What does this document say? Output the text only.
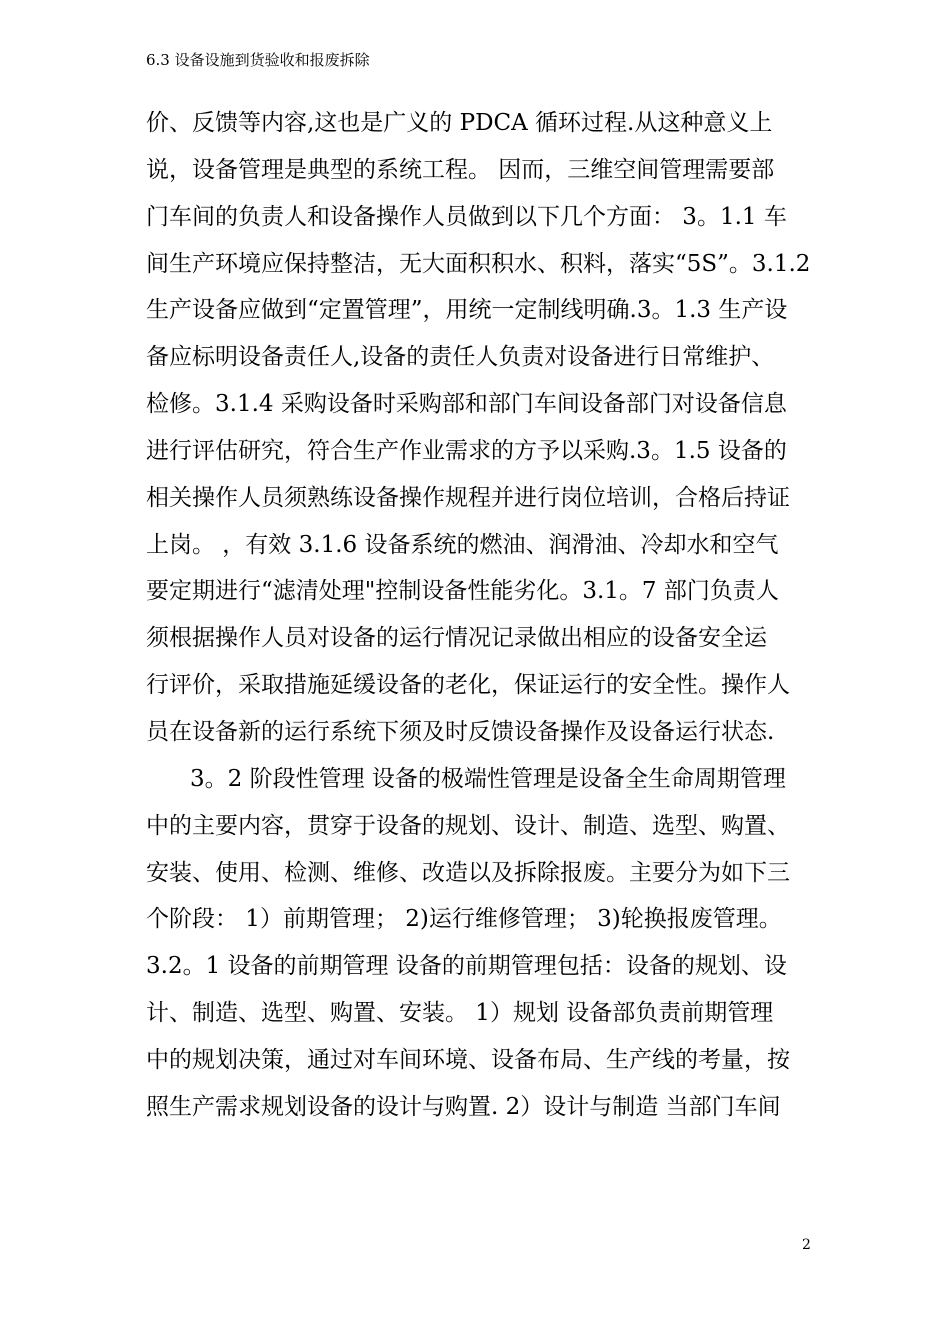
6.3 设备设施到货验收和报废拆除
价、反馈等内容,这也是广义的 PDCA 循环过程.从这种意义上
说，设备管理是典型的系统工程。 因而，三维空间管理需要部
门车间的负责人和设备操作人员做到以下几个方面： 3。1.1 车
间生产环境应保持整洁，无大面积积水、积料，落实“5S”。3.1.2
生产设备应做到“定置管理”，用统一定制线明确.3。1.3 生产设
备应标明设备责任人,设备的责任人负责对设备进行日常维护、
检修。3.1.4 采购设备时采购部和部门车间设备部门对设备信息
进行评估研究，符合生产作业需求的方予以采购.3。1.5 设备的
相关操作人员须熟练设备操作规程并进行岗位培训，合格后持证
上岗。 ，有效 3.1.6 设备系统的燃油、润滑油、冷却水和空气
要定期进行“滤清处理"控制设备性能劣化。3.1。7 部门负责人
须根据操作人员对设备的运行情况记录做出相应的设备安全运
行评价，采取措施延缓设备的老化，保证运行的安全性。操作人
员在设备新的运行系统下须及时反馈设备操作及设备运行状态.
3。2 阶段性管理 设备的极端性管理是设备全生命周期管理
中的主要内容，贯穿于设备的规划、设计、制造、选型、购置、
安装、使用、检测、维修、改造以及拆除报废。主要分为如下三
个阶段： 1）前期管理； 2)运行维修管理； 3)轮换报废管理。
3.2。1 设备的前期管理 设备的前期管理包括：设备的规划、设
计、制造、选型、购置、安装。 1）规划 设备部负责前期管理
中的规划决策，通过对车间环境、设备布局、生产线的考量，按
照生产需求规划设备的设计与购置. 2）设计与制造 当部门车间
2
